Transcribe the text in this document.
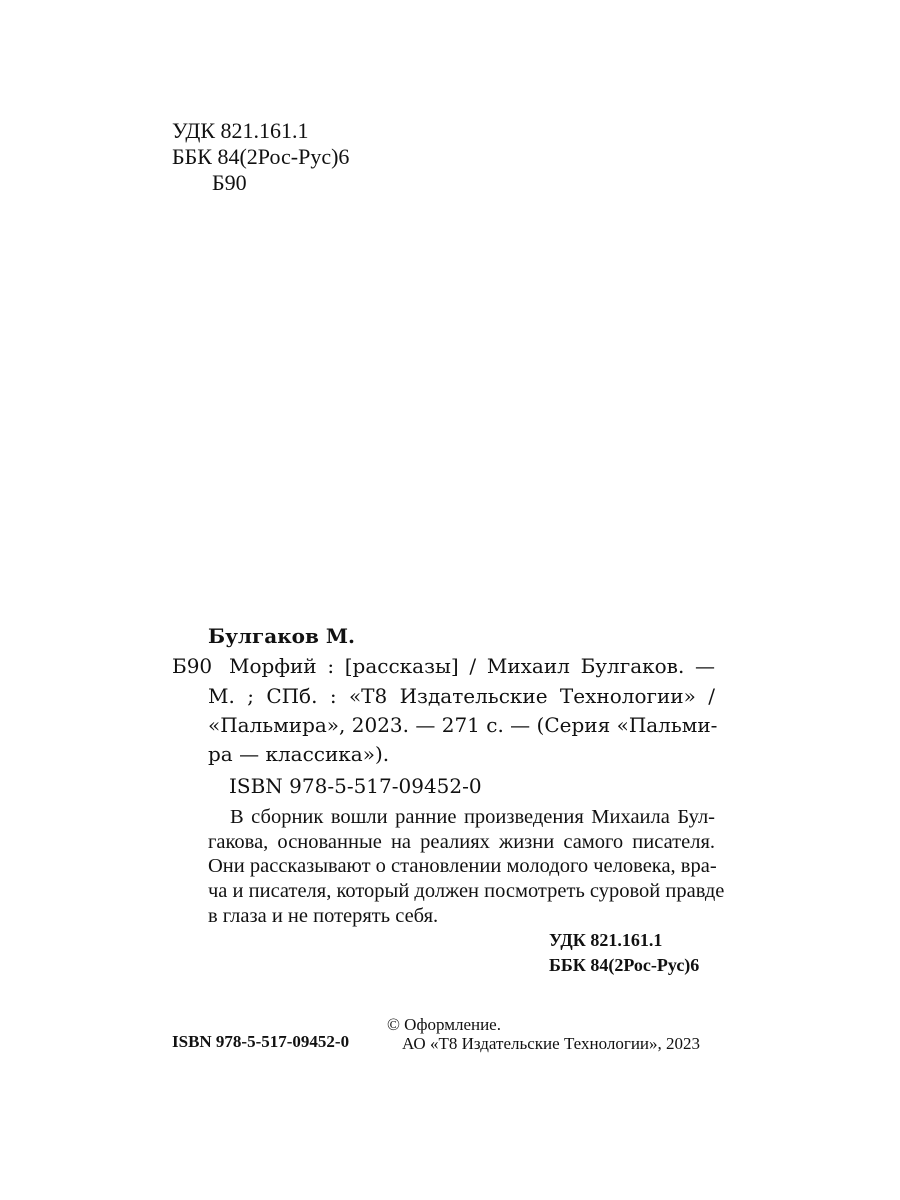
УДК 821.161.1
ББК 84(2Рос-Рус)6
Б90
Булгаков М.
Б90 Морфий : [рассказы] / Михаил Булгаков. —
М. ; СПб. : «Т8 Издательские Технологии» /
«Пальмира», 2023. — 271 с. — (Серия «Пальми-
ра — классика»).
ISBN 978-5-517-09452-0
В сборник вошли ранние произведения Михаила Бул-
гакова, основанные на реалиях жизни самого писателя.
Они рассказывают о становлении молодого человека, вра-
ча и писателя, который должен посмотреть суровой правде
в глаза и не потерять себя.
УДК 821.161.1
ББК 84(2Рос-Рус)6
ISBN 978-5-517-09452-0
© Оформление.
АО «Т8 Издательские Технологии», 2023
